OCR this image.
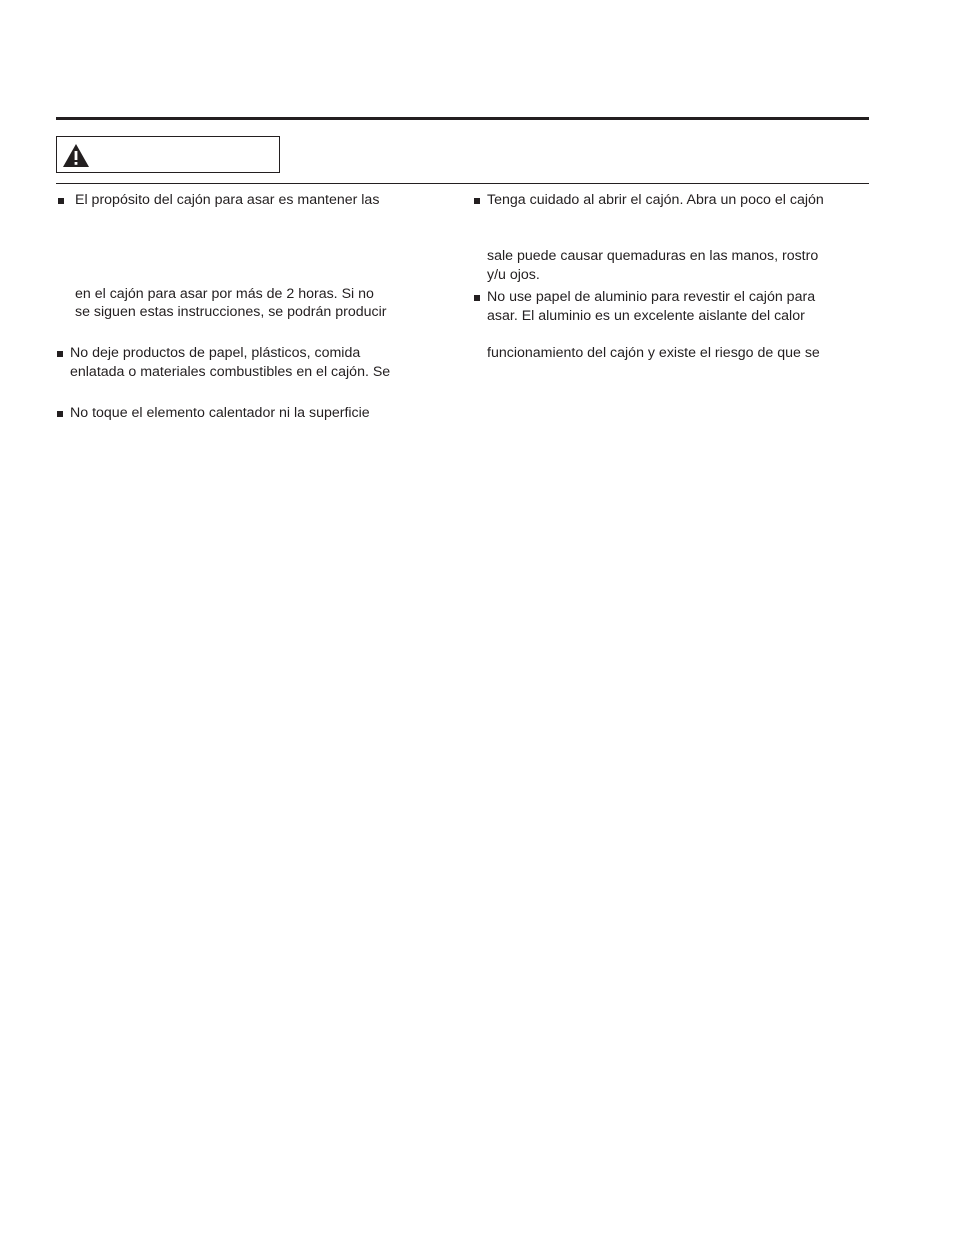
El propósito del cajón para asar es mantener las
en el cajón para asar por más de 2 horas. Si no
se siguen estas instrucciones, se podrán producir
No deje productos de papel, plásticos, comida
enlatada o materiales combustibles en el cajón. Se
No toque el elemento calentador ni la superficie
Tenga cuidado al abrir el cajón. Abra un poco el cajón
sale puede causar quemaduras en las manos, rostro
y/u ojos.
No use papel de aluminio para revestir el cajón para
asar. El aluminio es un excelente aislante del calor
funcionamiento del cajón y existe el riesgo de que se
